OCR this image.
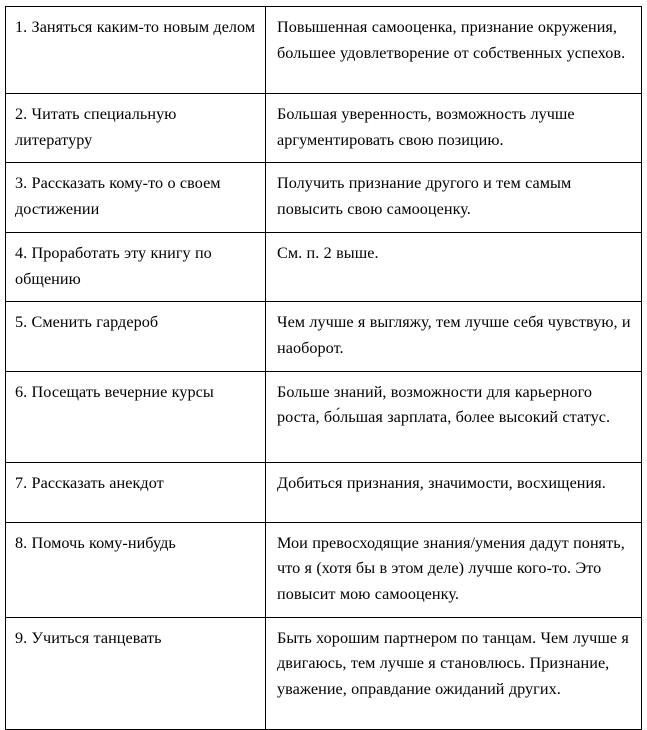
1. Заняться каким-то новым делом	Повышенная самооценка, признание окружения, большее удовлетворение от собственных успехов.

2. Читать специальную литературу	Большая уверенность, возможность лучше аргументировать свою позицию.

3. Рассказать кому-то о своем достижении	Получить признание другого и тем самым повысить свою самооценку.

4. Проработать эту книгу по общению	См. п. 2 выше.

5. Сменить гардероб	Чем лучше я выгляжу, тем лучше себя чувствую, и наоборот.

6. Посещать вечерние курсы	Больше знаний, возможности для карьерного роста, бо́льшая зарплата, более высокий статус.

7. Рассказать анекдот	Добиться признания, значимости, восхищения.

8. Помочь кому-нибудь	Мои превосходящие знания/умения дадут понять, что я (хотя бы в этом деле) лучше кого-то. Это повысит мою самооценку.

9. Учиться танцевать	Быть хорошим партнером по танцам. Чем лучше я двигаюсь, тем лучше я становлюсь. Признание, уважение, оправдание ожиданий других.
